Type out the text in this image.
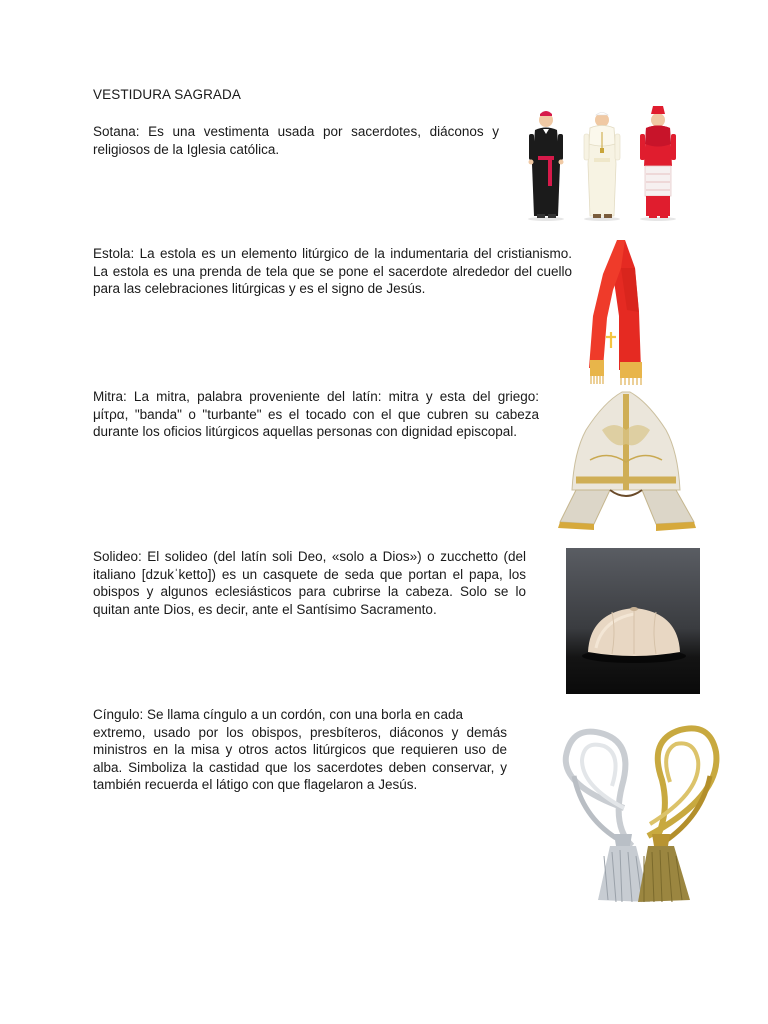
VESTIDURA SAGRADA
Sotana: Es una vestimenta usada por sacerdotes, diáconos y religiosos de la Iglesia católica.
Estola: La estola es un elemento litúrgico de la indumentaria del cristianismo. La estola es una prenda de tela que se pone el sacerdote alrededor del cuello para las celebraciones litúrgicas y es el signo de Jesús.
Mitra: La mitra, palabra proveniente del latín: mitra y esta del griego: μίτρα, "banda" o "turbante" es el tocado con el que cubren su cabeza durante los oficios litúrgicos aquellas personas con dignidad episcopal.
Solideo: El solideo (del latín soli Deo, «solo a Dios») o zucchetto (del italiano [dzukˈketto]) es un casquete de seda que portan el papa, los obispos y algunos eclesiásticos para cubrirse la cabeza. Solo se lo quitan ante Dios, es decir, ante el Santísimo Sacramento.
Cíngulo: Se llama cíngulo a un cordón, con una borla en cada
extremo, usado por los obispos, presbíteros, diáconos y demás ministros en la misa y otros actos litúrgicos que requieren uso de alba. Simboliza la castidad que los sacerdotes deben conservar, y también recuerda el látigo con que flagelaron a Jesús.
